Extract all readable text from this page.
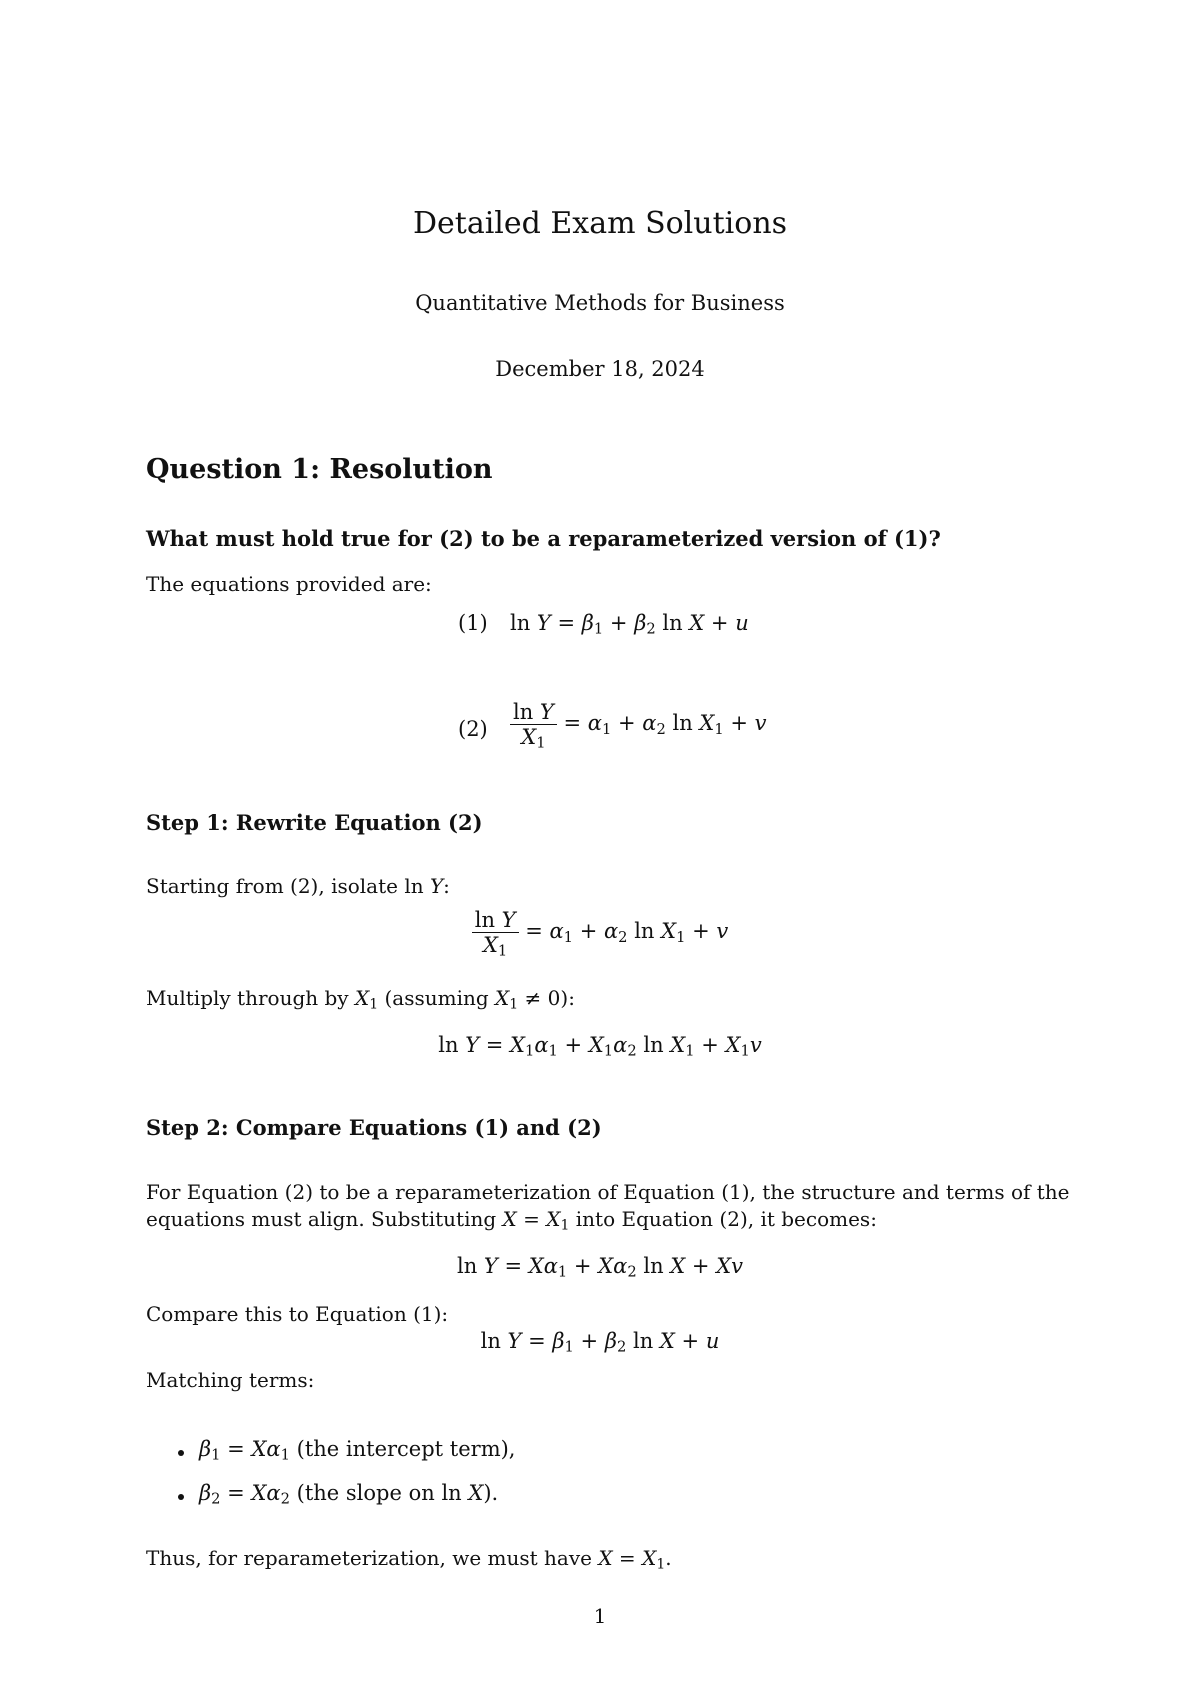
Detailed Exam Solutions
Quantitative Methods for Business
December 18, 2024
Question 1: Resolution
What must hold true for (2) to be a reparameterized version of (1)?
The equations provided are:
(1) $\ln Y = \beta_1 + \beta_2$ ln X + u
$(2) \frac{\text{ln Y}}{X_1} = \alpha_1 + \alpha_2$ $\ln X_1 + v$
Step 1: Rewrite Equation (2)
Starting from (2), isolate ln Y:
$\frac{\text{ln Y}}{X_1} = \alpha_1 + \alpha_2$ $\ln X_1 + v$
Multiply through by $X_1$ (assuming $X_1 \ne 0$):
$\ln Y = X_1\alpha_1 + X_1\alpha_2$ $\ln X_1 + X_1v$
Step 2: Compare Equations (1) and (2)
For Equation (2) to be a reparameterization of Equation (1), the structure and terms of the
equations must align. Substituting $X = X_1$ into Equation (2), it becomes:
$\ln Y = X\alpha_1 + X\alpha_2$ ln X + Xv
Compare this to Equation (1):
$\ln Y = \beta_1 + \beta_2$ ln X + u
Matching terms:
$\beta_1 = X\alpha_1$ (the intercept term),
$\beta_2 = X\alpha_2$ (the slope on ln X).
Thus, for reparameterization, we must have $X = X_1$.
1
